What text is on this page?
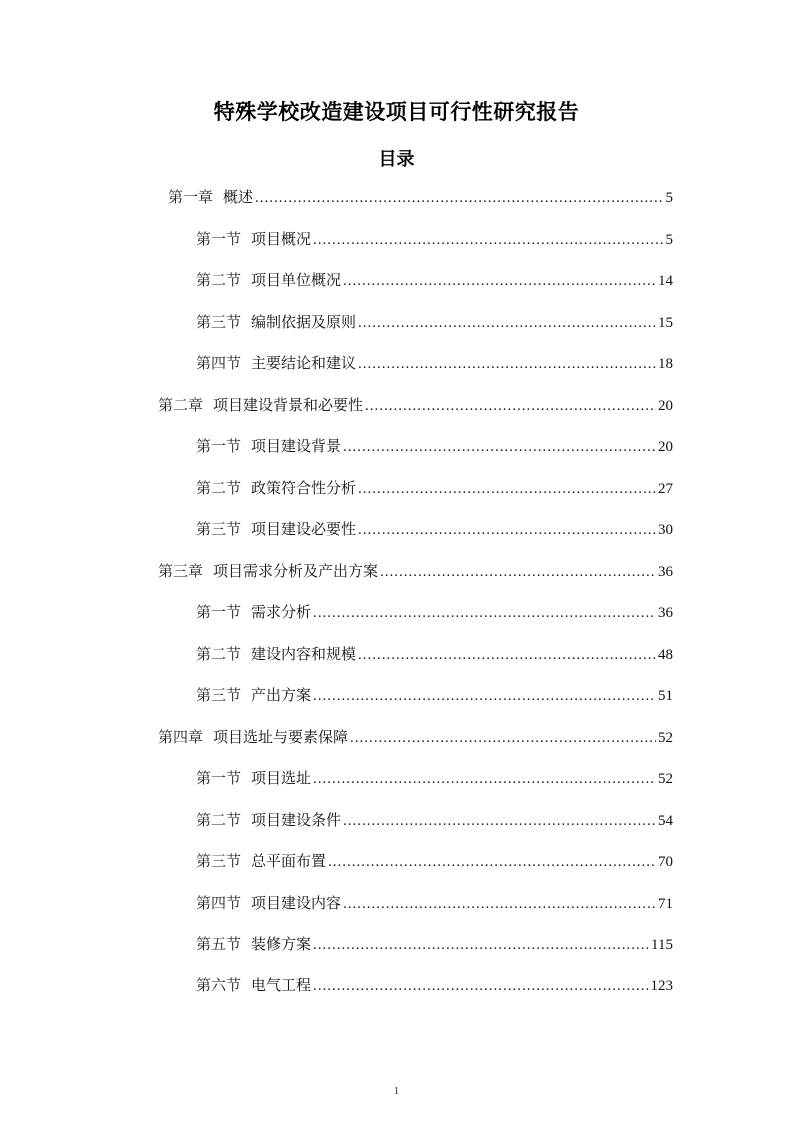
特殊学校改造建设项目可行性研究报告
目录
第一章 概述 .....	5
第一节 项目概况 .....	5
第二节 项目单位概况 .....	14
第三节 编制依据及原则 .....	15
第四节 主要结论和建议 .....	18
第二章 项目建设背景和必要性 .....	20
第一节 项目建设背景 .....	20
第二节 政策符合性分析 .....	27
第三节 项目建设必要性 .....	30
第三章 项目需求分析及产出方案 .....	36
第一节 需求分析 .....	36
第二节 建设内容和规模 .....	48
第三节 产出方案 .....	51
第四章 项目选址与要素保障 .....	52
第一节 项目选址 .....	52
第二节 项目建设条件 .....	54
第三节 总平面布置 .....	70
第四节 项目建设内容 .....	71
第五节 装修方案 .....	115
第六节 电气工程 .....	123
1
